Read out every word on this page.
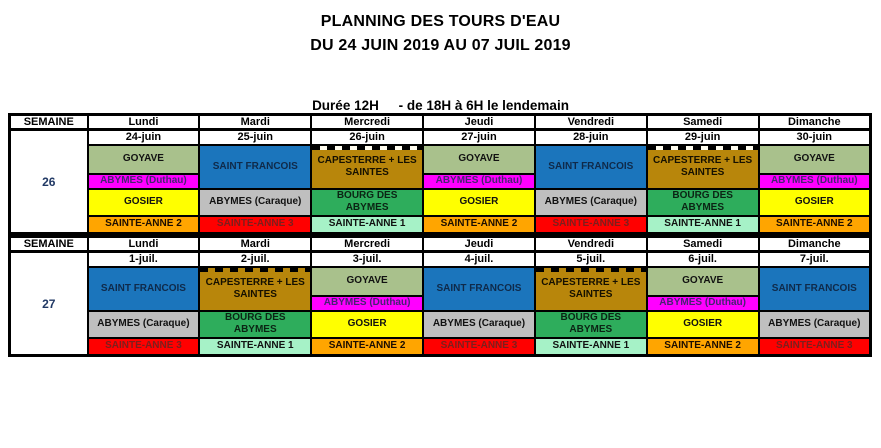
PLANNING DES TOURS D'EAU
DU 24 JUIN 2019 AU 07 JUIL 2019
Durée 12H - de 18H à 6H le lendemain
SEMAINE	Lundi	Mardi	Mercredi	Jeudi	Vendredi	Samedi	Dimanche
26	24-juin	25-juin	26-juin	27-juin	28-juin	29-juin	30-juin
	GOYAVE	SAINT FRANCOIS	CAPESTERRE + LES SAINTES	GOYAVE	SAINT FRANCOIS	CAPESTERRE + LES SAINTES	GOYAVE
	ABYMES (Duthau)			ABYMES (Duthau)			ABYMES (Duthau)
	GOSIER	ABYMES (Caraque)	BOURG DES ABYMES	GOSIER	ABYMES (Caraque)	BOURG DES ABYMES	GOSIER
	SAINTE-ANNE 2	SAINTE-ANNE 3	SAINTE-ANNE 1	SAINTE-ANNE 2	SAINTE-ANNE 3	SAINTE-ANNE 1	SAINTE-ANNE 2
SEMAINE	Lundi	Mardi	Mercredi	Jeudi	Vendredi	Samedi	Dimanche
27	1-juil.	2-juil.	3-juil.	4-juil.	5-juil.	6-juil.	7-juil.
	SAINT FRANCOIS	CAPESTERRE + LES SAINTES	GOYAVE	SAINT FRANCOIS	CAPESTERRE + LES SAINTES	GOYAVE	SAINT FRANCOIS
			ABYMES (Duthau)			ABYMES (Duthau)	
	ABYMES (Caraque)	BOURG DES ABYMES	GOSIER	ABYMES (Caraque)	BOURG DES ABYMES	GOSIER	ABYMES (Caraque)
	SAINTE-ANNE 3	SAINTE-ANNE 1	SAINTE-ANNE 2	SAINTE-ANNE 3	SAINTE-ANNE 1	SAINTE-ANNE 2	SAINTE-ANNE 3
